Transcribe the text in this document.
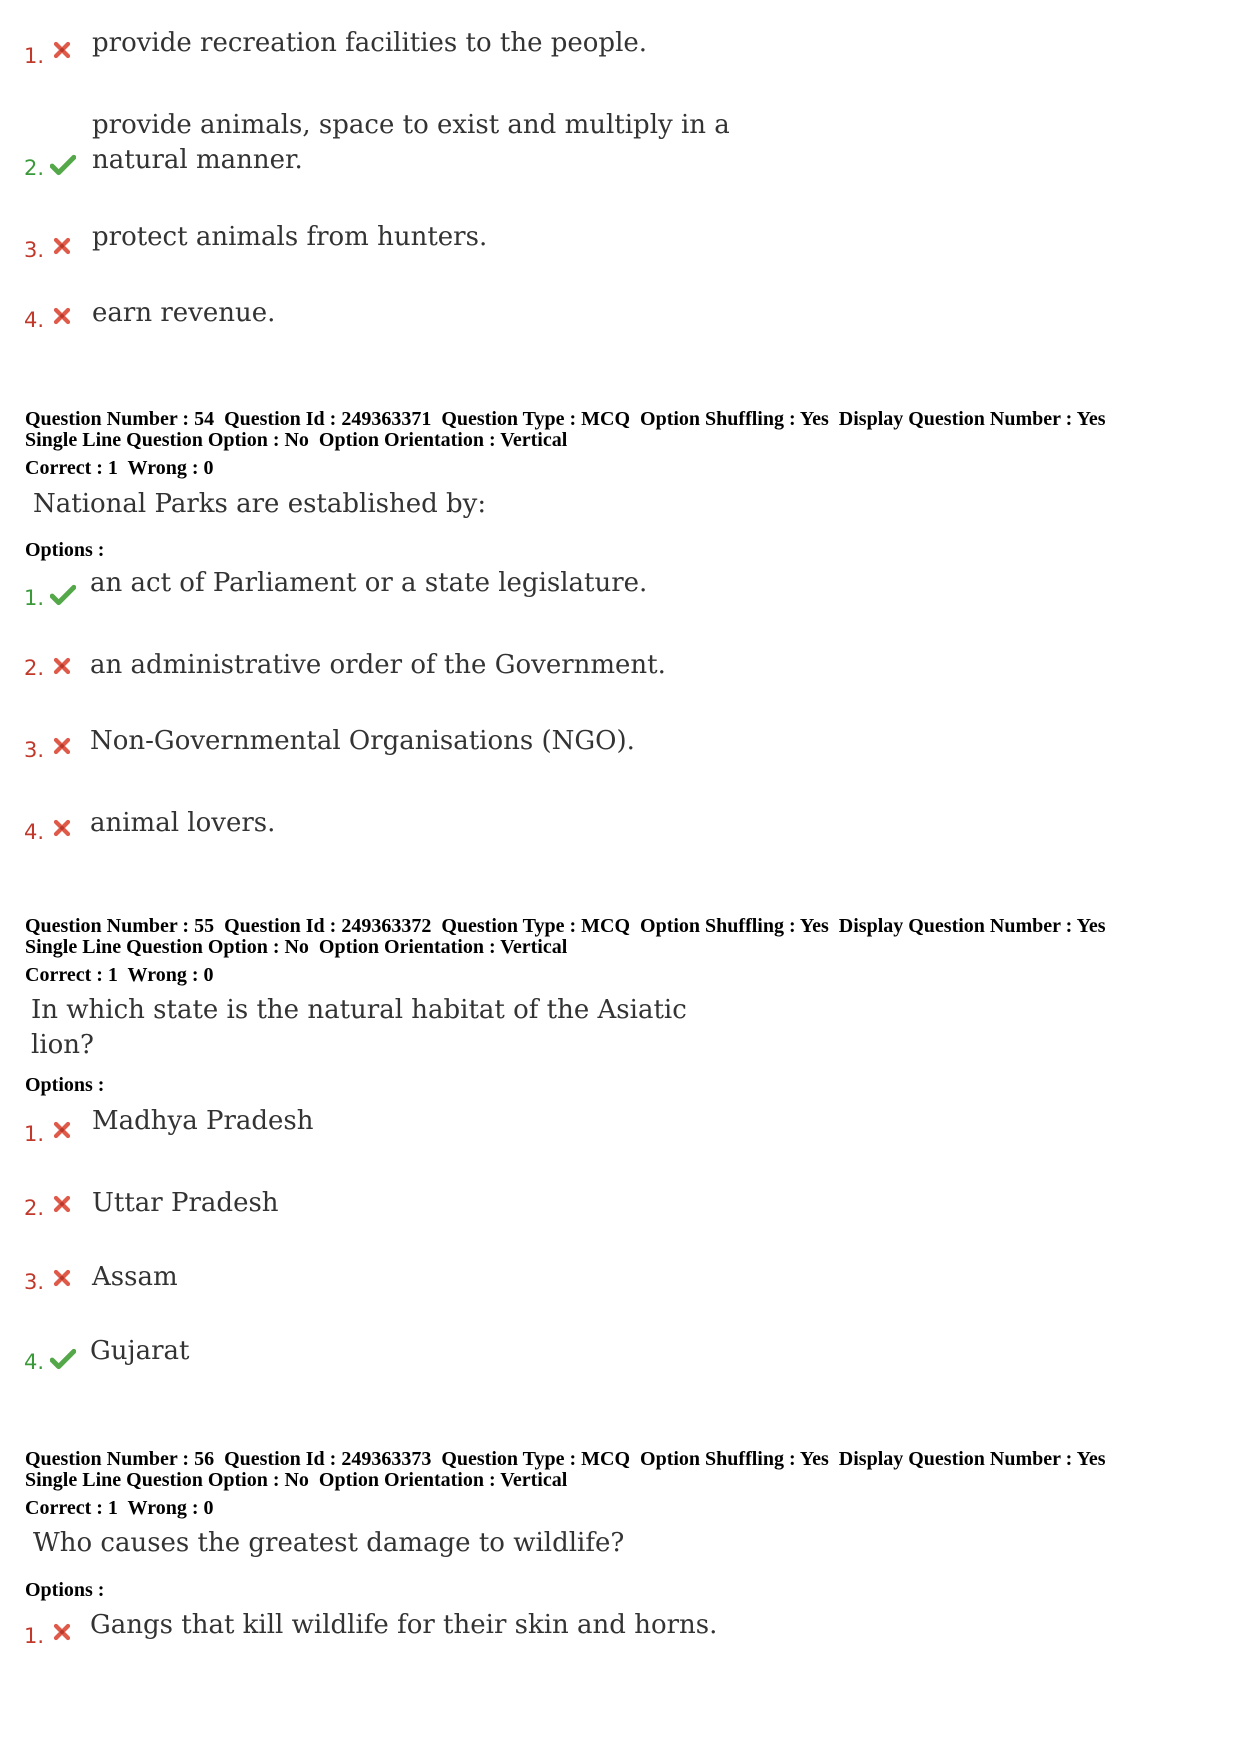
1. provide recreation facilities to the people.
2.
provide animals, space to exist and multiply in a
natural manner.
3. protect animals from hunters.
4. earn revenue.
Question Number : 54  Question Id : 249363371  Question Type : MCQ  Option Shuffling : Yes  Display Question Number : Yes
Single Line Question Option : No  Option Orientation : Vertical
Correct : 1  Wrong : 0
National Parks are established by:
Options :
1. an act of Parliament or a state legislature.
2. an administrative order of the Government.
3. Non-Governmental Organisations (NGO).
4. animal lovers.
Question Number : 55  Question Id : 249363372  Question Type : MCQ  Option Shuffling : Yes  Display Question Number : Yes
Single Line Question Option : No  Option Orientation : Vertical
Correct : 1  Wrong : 0
In which state is the natural habitat of the Asiatic
lion?
Options :
1. Madhya Pradesh
2. Uttar Pradesh
3. Assam
4. Gujarat
Question Number : 56  Question Id : 249363373  Question Type : MCQ  Option Shuffling : Yes  Display Question Number : Yes
Single Line Question Option : No  Option Orientation : Vertical
Correct : 1  Wrong : 0
Who causes the greatest damage to wildlife?
Options :
1. Gangs that kill wildlife for their skin and horns.
